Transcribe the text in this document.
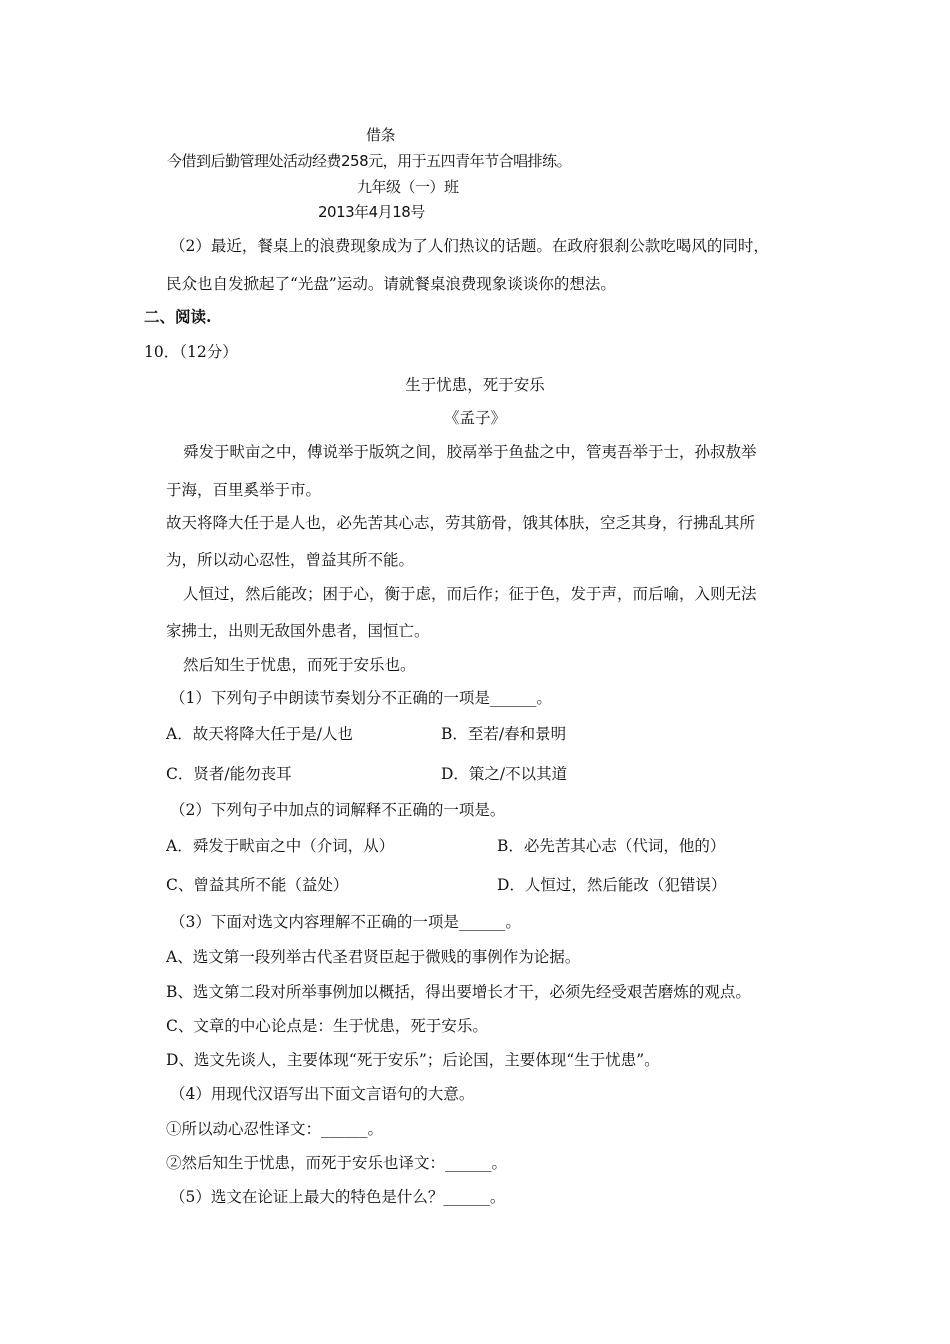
借条
今借到后勤管理处活动经费258元，用于五四青年节合唱排练。
九年级（一）班
2013年4月18号
（2）最近，餐桌上的浪费现象成为了人们热议的话题。在政府狠刹公款吃喝风的同时，
民众也自发掀起了“光盘”运动。请就餐桌浪费现象谈谈你的想法。
二、阅读.
10．（12分）
生于忧患，死于安乐
《孟子》
舜发于畎亩之中，傅说举于版筑之间，胶鬲举于鱼盐之中，管夷吾举于士，孙叔敖举
于海，百里奚举于市。
故天将降大任于是人也，必先苦其心志，劳其筋骨，饿其体肤，空乏其身，行拂乱其所
为，所以动心忍性，曾益其所不能。
人恒过，然后能改；困于心，衡于虑，而后作；征于色，发于声，而后喻，入则无法
家拂士，出则无敌国外患者，国恒亡。
然后知生于忧患，而死于安乐也。
（1）下列句子中朗读节奏划分不正确的一项是______。
A．故天将降大任于是/人也	B．至若/春和景明
C．贤者/能勿丧耳	D．策之/不以其道
（2）下列句子中加点的词解释不正确的一项是。
A．舜发于畎亩之中（介词，从）	B．必先苦其心志（代词，他的）
C、曾益其所不能（益处）	D．人恒过，然后能改（犯错误）
（3）下面对选文内容理解不正确的一项是______。
A、选文第一段列举古代圣君贤臣起于微贱的事例作为论据。
B、选文第二段对所举事例加以概括，得出要增长才干，必须先经受艰苦磨炼的观点。
C、文章的中心论点是：生于忧患，死于安乐。
D、选文先谈人，主要体现“死于安乐”；后论国，主要体现“生于忧患”。
（4）用现代汉语写出下面文言语句的大意。
①所以动心忍性译文：______。
②然后知生于忧患，而死于安乐也译文：______。
（5）选文在论证上最大的特色是什么？______。
